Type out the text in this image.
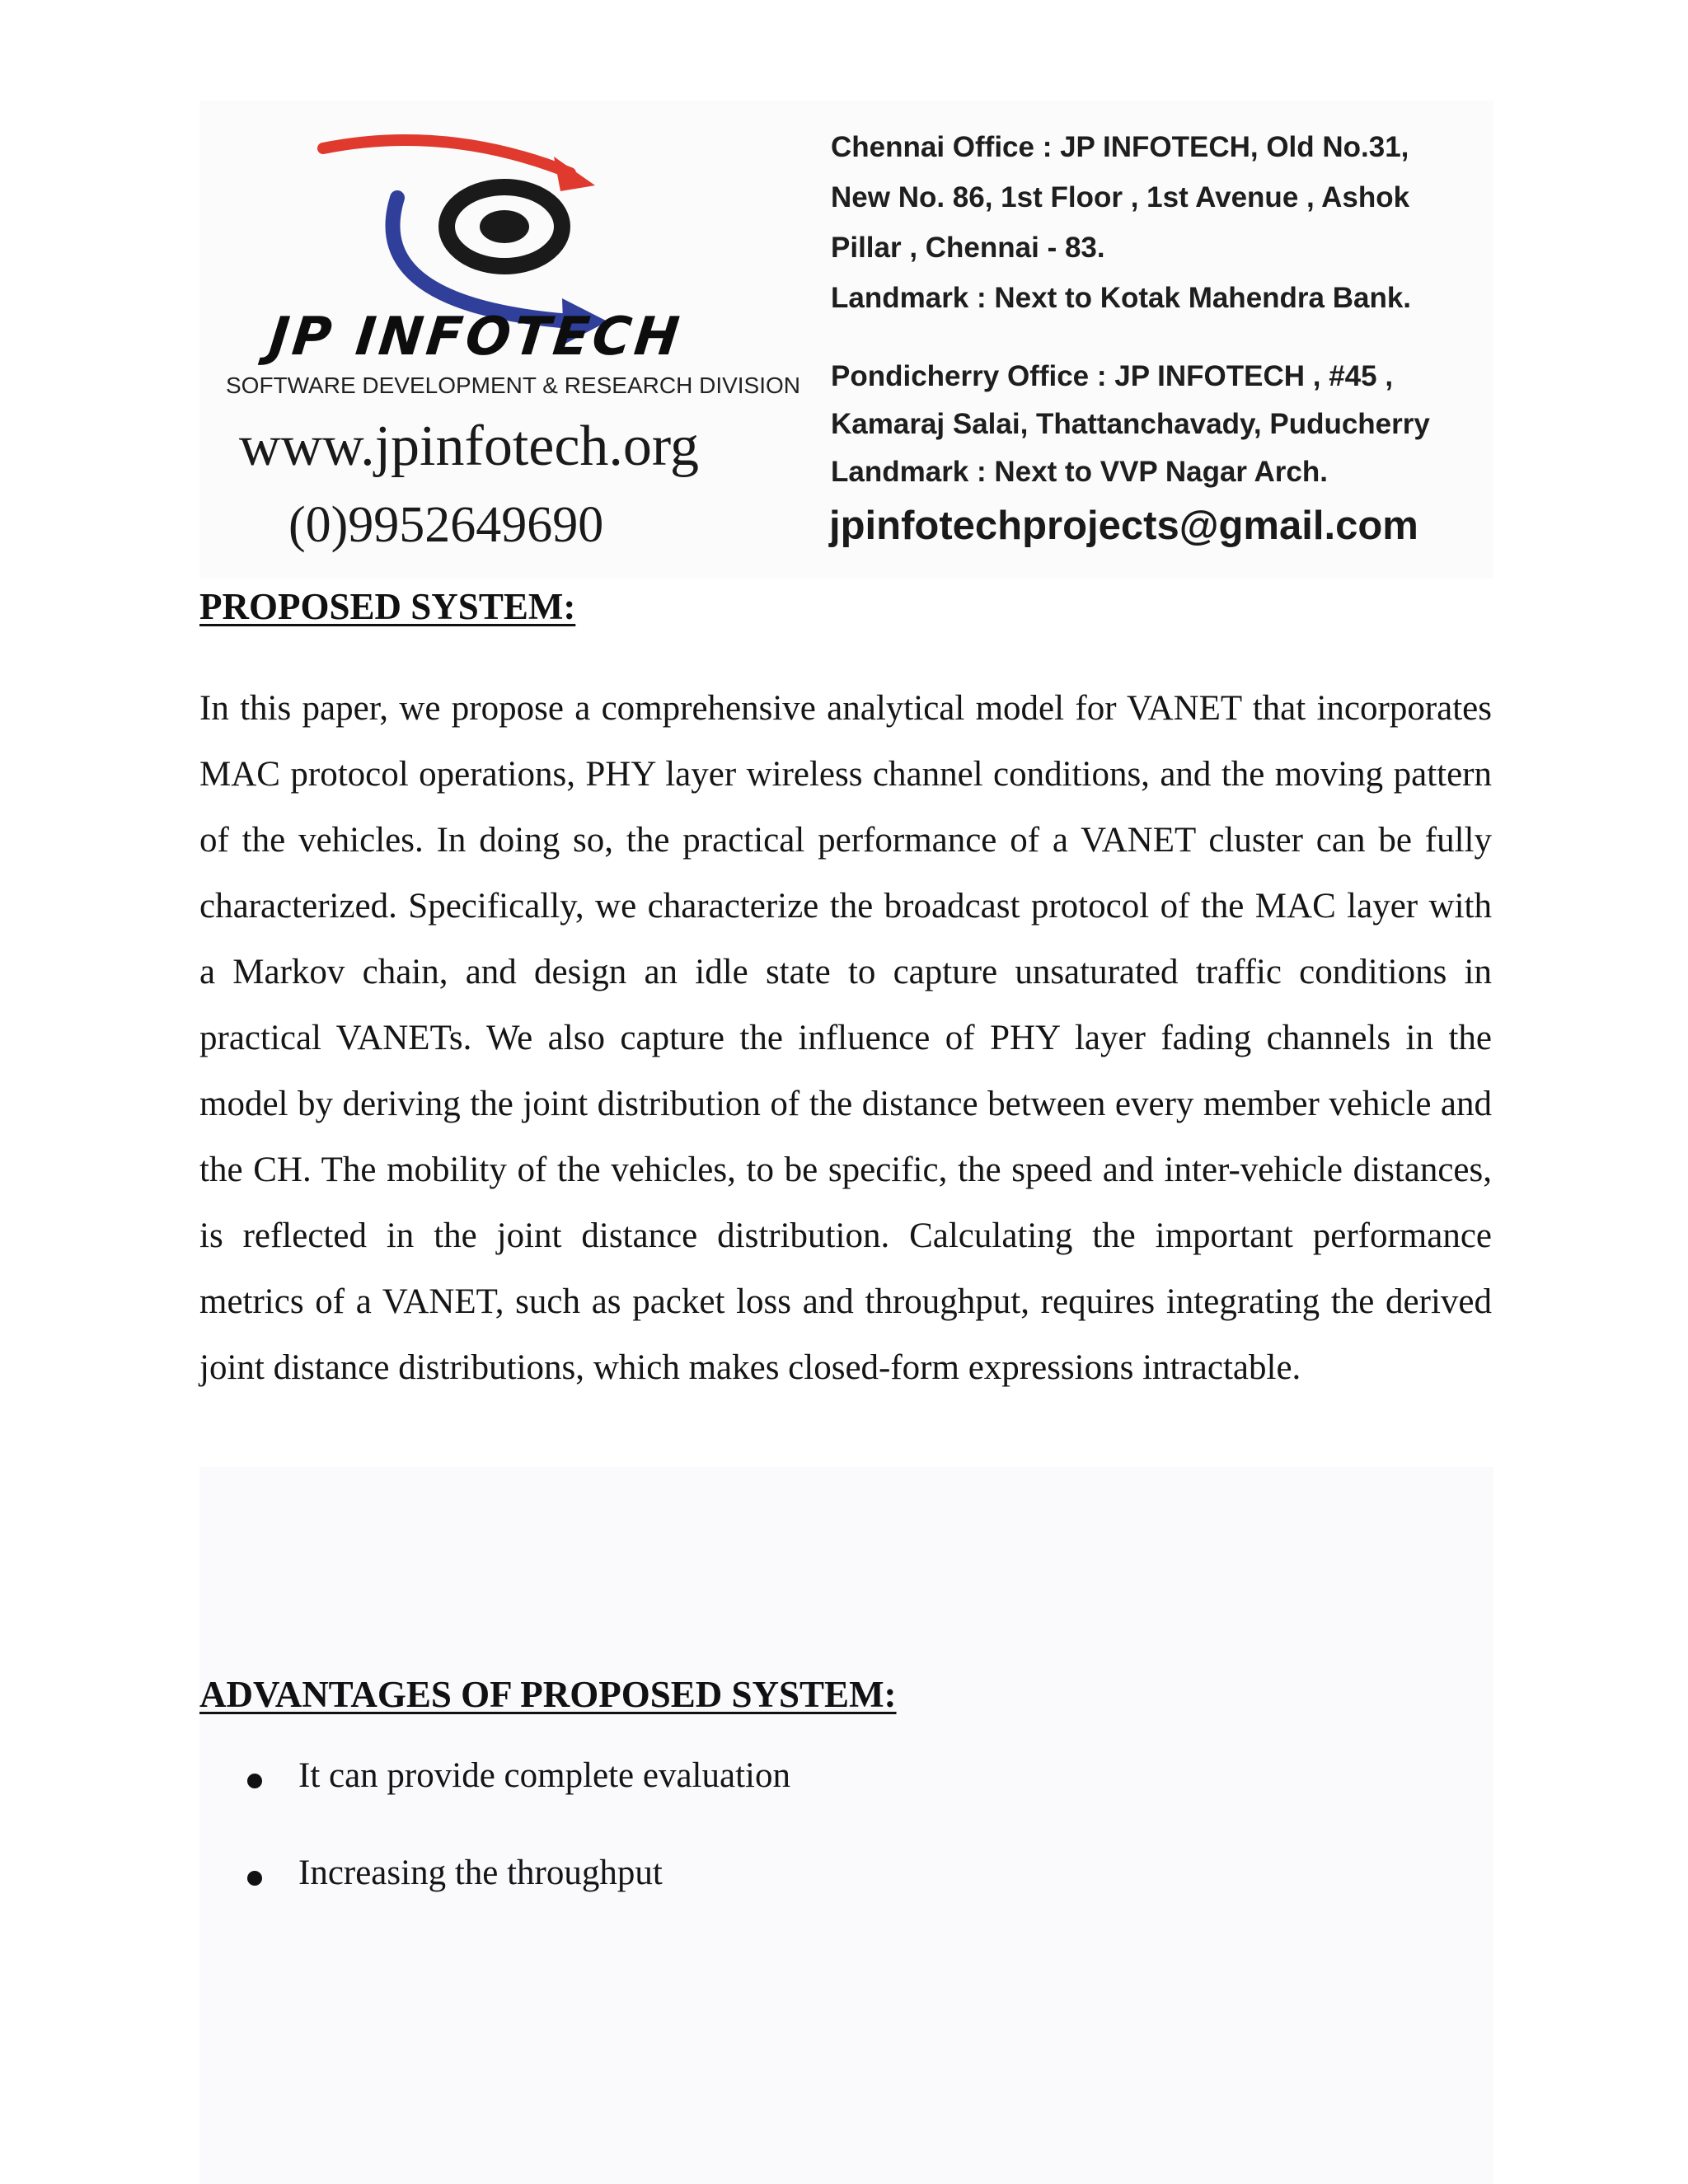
JP INFOTECH
SOFTWARE DEVELOPMENT & RESEARCH DIVISION
www.jpinfotech.org
(0)9952649690
Chennai Office : JP INFOTECH, Old No.31,
New No. 86, 1st Floor , 1st Avenue , Ashok
Pillar , Chennai - 83.
Landmark : Next to Kotak Mahendra Bank.
Pondicherry Office : JP INFOTECH , #45 ,
Kamaraj Salai, Thattanchavady, Puducherry
Landmark : Next to VVP Nagar Arch.
jpinfotechprojects@gmail.com
PROPOSED SYSTEM:

In this paper, we propose a comprehensive analytical model for VANET that incorporates MAC protocol operations, PHY layer wireless channel conditions, and the moving pattern of the vehicles. In doing so, the practical performance of a VANET cluster can be fully characterized. Specifically, we characterize the broadcast protocol of the MAC layer with a Markov chain, and design an idle state to capture unsaturated traffic conditions in practical VANETs. We also capture the influence of PHY layer fading channels in the model by deriving the joint distribution of the distance between every member vehicle and the CH. The mobility of the vehicles, to be specific, the speed and inter-vehicle distances, is reflected in the joint distance distribution. Calculating the important performance metrics of a VANET, such as packet loss and throughput, requires integrating the derived joint distance distributions, which makes closed-form expressions intractable.

ADVANTAGES OF PROPOSED SYSTEM:
It can provide complete evaluation
Increasing the throughput
